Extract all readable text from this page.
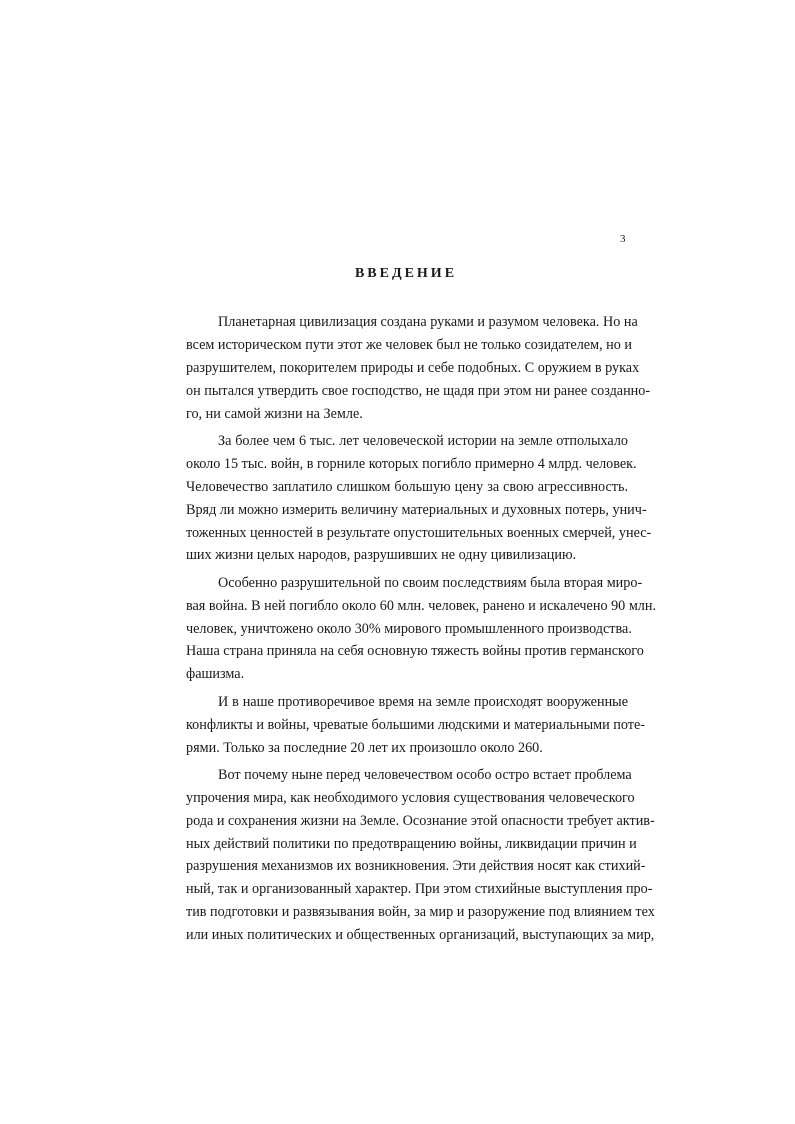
3
ВВЕДЕНИЕ
Планетарная цивилизация создана руками и разумом человека. Но на
всем историческом пути этот же человек был не только созидателем, но и
разрушителем, покорителем природы и себе подобных. С оружием в руках
он пытался утвердить свое господство, не щадя при этом ни ранее созданно-
го, ни самой жизни на Земле.
За более чем 6 тыс. лет человеческой истории на земле отполыхало
около 15 тыс. войн, в горниле которых погибло примерно 4 млрд. человек.
Человечество заплатило слишком большую цену за свою агрессивность.
Вряд ли можно измерить величину материальных и духовных потерь, унич-
тоженных ценностей в результате опустошительных военных смерчей, унес-
ших жизни целых народов, разрушивших не одну цивилизацию.
Особенно разрушительной по своим последствиям была вторая миро-
вая война. В ней погибло около 60 млн. человек, ранено и искалечено 90 млн.
человек, уничтожено около 30% мирового промышленного производства.
Наша страна приняла на себя основную тяжесть войны против германского
фашизма.
И в наше противоречивое время на земле происходят вооруженные
конфликты и войны, чреватые большими людскими и материальными поте-
рями. Только за последние 20 лет их произошло около 260.
Вот почему ныне перед человечеством особо остро встает проблема
упрочения мира, как необходимого условия существования человеческого
рода и сохранения жизни на Земле. Осознание этой опасности требует актив-
ных действий политики по предотвращению войны, ликвидации причин и
разрушения механизмов их возникновения. Эти действия носят как стихий-
ный, так и организованный характер. При этом стихийные выступления про-
тив подготовки и развязывания войн, за мир и разоружение под влиянием тех
или иных политических и общественных организаций, выступающих за мир,
